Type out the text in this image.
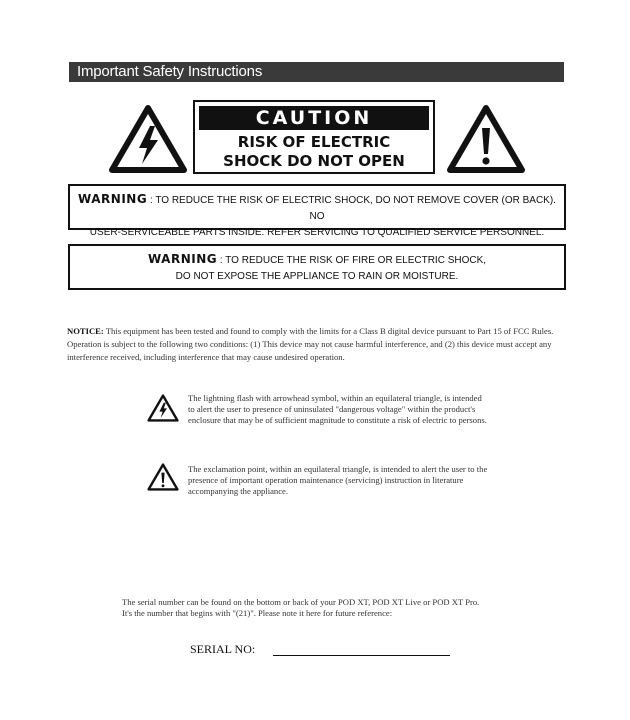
Important Safety Instructions
CAUTION
RISK OF ELECTRIC
SHOCK DO NOT OPEN
WARNING : TO REDUCE THE RISK OF ELECTRIC SHOCK, DO NOT REMOVE COVER (OR BACK). NO
USER-SERVICEABLE PARTS INSIDE. REFER SERVICING TO QUALIFIED SERVICE PERSONNEL.
WARNING : TO REDUCE THE RISK OF FIRE OR ELECTRIC SHOCK,
DO NOT EXPOSE THE APPLIANCE TO RAIN OR MOISTURE.
NOTICE: This equipment has been tested and found to comply with the limits for a Class B digital device pursuant to Part 15 of FCC Rules. Operation is subject to the following two conditions: (1) This device may not cause harmful interference, and (2) this device must accept any interference received, including interference that may cause undesired operation.
The lightning flash with arrowhead symbol, within an equilateral triangle, is intended to alert the user to presence of uninsulated "dangerous voltage" within the product's enclosure that may be of sufficient magnitude to constitute a risk of electric to persons.
The exclamation point, within an equilateral triangle, is intended to alert the user to the presence of important operation maintenance (servicing) instruction in literature accompanying the appliance.
The serial number can be found on the bottom or back of your POD XT, POD XT Live or POD XT Pro.
It's the number that begins with "(21)". Please note it here for future reference:
SERIAL NO:
